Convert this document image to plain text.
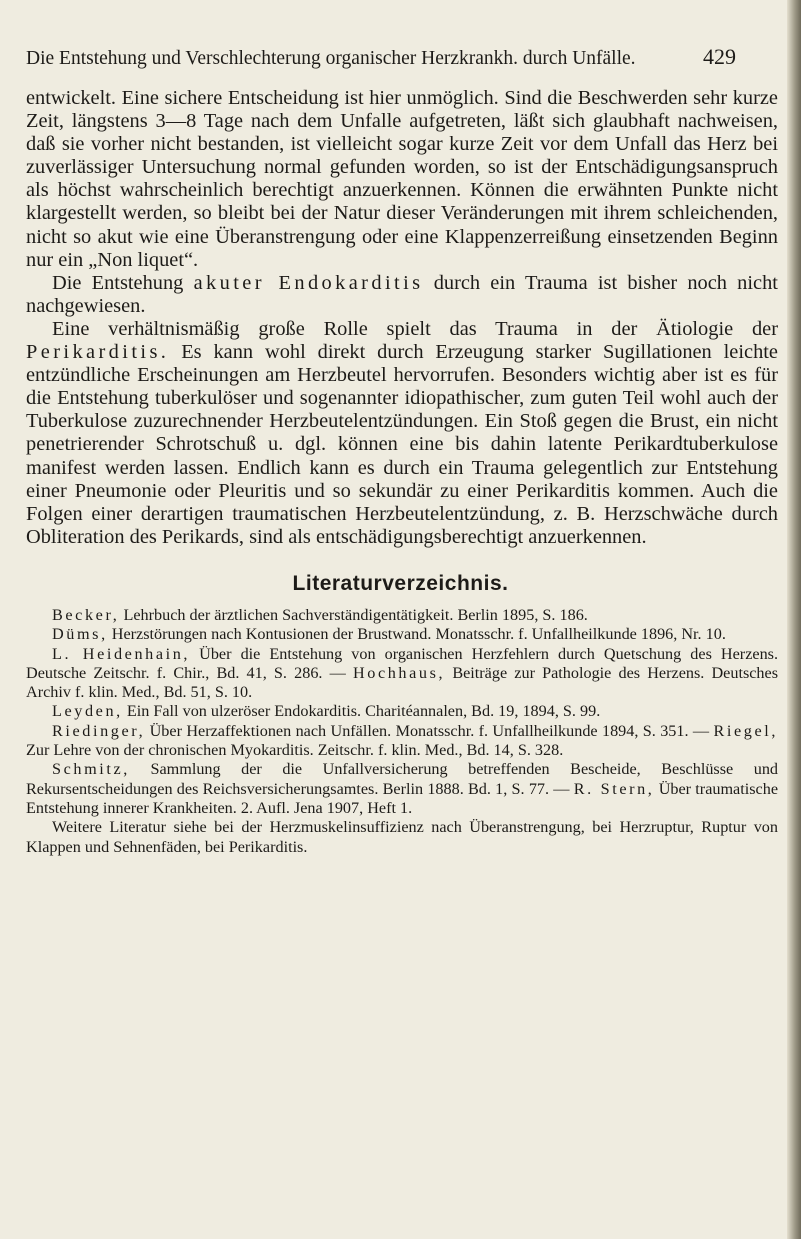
Die Entstehung und Verschlechterung organischer Herzkrankh. durch Unfälle.	429

entwickelt. Eine sichere Entscheidung ist hier unmöglich. Sind die Beschwerden sehr kurze Zeit, längstens 3—8 Tage nach dem Unfalle aufgetreten, läßt sich glaubhaft nachweisen, daß sie vorher nicht bestanden, ist vielleicht sogar kurze Zeit vor dem Unfall das Herz bei zuverlässiger Untersuchung normal gefunden worden, so ist der Entschädigungsanspruch als höchst wahrscheinlich berechtigt anzuerkennen. Können die erwähnten Punkte nicht klargestellt werden, so bleibt bei der Natur dieser Veränderungen mit ihrem schleichenden, nicht so akut wie eine Überanstrengung oder eine Klappenzerreißung einsetzenden Beginn nur ein „Non liquet“.

Die Entstehung akuter Endokarditis durch ein Trauma ist bisher noch nicht nachgewiesen.

Eine verhältnismäßig große Rolle spielt das Trauma in der Ätiologie der Perikarditis. Es kann wohl direkt durch Erzeugung starker Sugillationen leichte entzündliche Erscheinungen am Herzbeutel hervorrufen. Besonders wichtig aber ist es für die Entstehung tuberkulöser und sogenannter idiopathischer, zum guten Teil wohl auch der Tuberkulose zuzurechnender Herzbeutelentzündungen. Ein Stoß gegen die Brust, ein nicht penetrierender Schrotschuß u. dgl. können eine bis dahin latente Perikardtuberkulose manifest werden lassen. Endlich kann es durch ein Trauma gelegentlich zur Entstehung einer Pneumonie oder Pleuritis und so sekundär zu einer Perikarditis kommen. Auch die Folgen einer derartigen traumatischen Herzbeutelentzündung, z. B. Herzschwäche durch Obliteration des Perikards, sind als entschädigungsberechtigt anzuerkennen.

Literaturverzeichnis.

Becker, Lehrbuch der ärztlichen Sachverständigentätigkeit. Berlin 1895, S. 186.

Düms, Herzstörungen nach Kontusionen der Brustwand. Monatsschr. f. Unfallheilkunde 1896, Nr. 10.

L. Heidenhain, Über die Entstehung von organischen Herzfehlern durch Quetschung des Herzens. Deutsche Zeitschr. f. Chir., Bd. 41, S. 286. — Hochhaus, Beiträge zur Pathologie des Herzens. Deutsches Archiv f. klin. Med., Bd. 51, S. 10.

Leyden, Ein Fall von ulzeröser Endokarditis. Charitéannalen, Bd. 19, 1894, S. 99.

Riedinger, Über Herzaffektionen nach Unfällen. Monatsschr. f. Unfallheilkunde 1894, S. 351. — Riegel, Zur Lehre von der chronischen Myokarditis. Zeitschr. f. klin. Med., Bd. 14, S. 328.

Schmitz, Sammlung der die Unfallversicherung betreffenden Bescheide, Beschlüsse und Rekursentscheidungen des Reichsversicherungsamtes. Berlin 1888. Bd. 1, S. 77. — R. Stern, Über traumatische Entstehung innerer Krankheiten. 2. Aufl. Jena 1907, Heft 1.

Weitere Literatur siehe bei der Herzmuskelinsuffizienz nach Überanstrengung, bei Herzruptur, Ruptur von Klappen und Sehnenfäden, bei Perikarditis.
